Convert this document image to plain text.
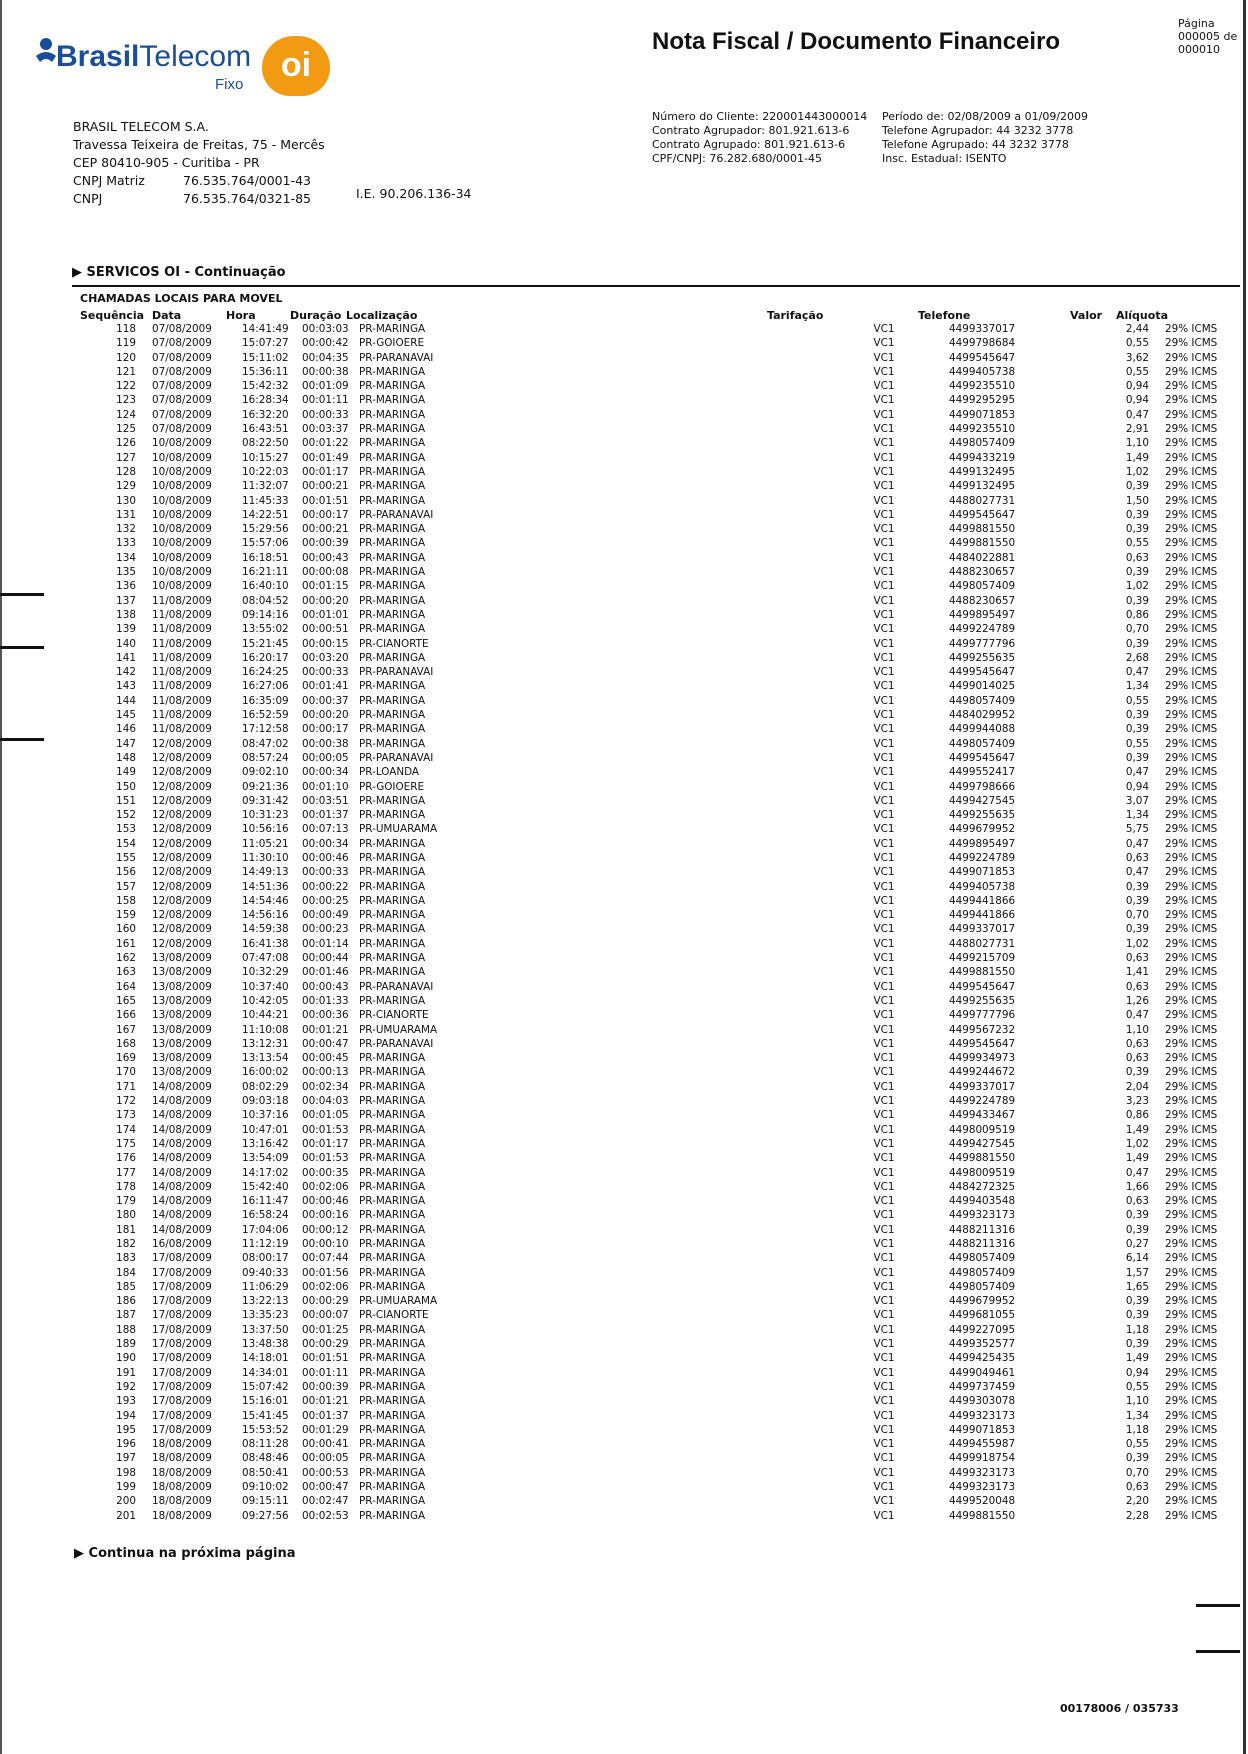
BrasilTelecom
Fixo
oi
BRASIL TELECOM S.A.
Travessa Teixeira de Freitas, 75 - Mercês
CEP 80410-905 - Curitiba - PR
CNPJ Matriz	76.535.764/0001-43
CNPJ	76.535.764/0321-85	I.E. 90.206.136-34
Nota Fiscal / Documento Financeiro
Página
000005 de 000010
Número do Cliente: 220001443000014
Contrato Agrupador: 801.921.613-6
Contrato Agrupado: 801.921.613-6
CPF/CNPJ: 76.282.680/0001-45
Período de: 02/08/2009 a 01/09/2009
Telefone Agrupador: 44 3232 3778
Telefone Agrupado: 44 3232 3778
Insc. Estadual: ISENTO
▶ SERVICOS OI - Continuação
CHAMADAS LOCAIS PARA MOVEL
Sequência Data	Hora	Duração Localização	Tarifação	Telefone	Valor Alíquota
118	07/08/2009	14:41:49	00:03:03	PR-MARINGA	VC1	4499337017	2,44	29% ICMS
119	07/08/2009	15:07:27	00:00:42	PR-GOIOERE	VC1	4499798684	0,55	29% ICMS
120	07/08/2009	15:11:02	00:04:35	PR-PARANAVAI	VC1	4499545647	3,62	29% ICMS
121	07/08/2009	15:36:11	00:00:38	PR-MARINGA	VC1	4499405738	0,55	29% ICMS
122	07/08/2009	15:42:32	00:01:09	PR-MARINGA	VC1	4499235510	0,94	29% ICMS
123	07/08/2009	16:28:34	00:01:11	PR-MARINGA	VC1	4499295295	0,94	29% ICMS
124	07/08/2009	16:32:20	00:00:33	PR-MARINGA	VC1	4499071853	0,47	29% ICMS
125	07/08/2009	16:43:51	00:03:37	PR-MARINGA	VC1	4499235510	2,91	29% ICMS
126	10/08/2009	08:22:50	00:01:22	PR-MARINGA	VC1	4498057409	1,10	29% ICMS
127	10/08/2009	10:15:27	00:01:49	PR-MARINGA	VC1	4499433219	1,49	29% ICMS
128	10/08/2009	10:22:03	00:01:17	PR-MARINGA	VC1	4499132495	1,02	29% ICMS
129	10/08/2009	11:32:07	00:00:21	PR-MARINGA	VC1	4499132495	0,39	29% ICMS
130	10/08/2009	11:45:33	00:01:51	PR-MARINGA	VC1	4488027731	1,50	29% ICMS
131	10/08/2009	14:22:51	00:00:17	PR-PARANAVAI	VC1	4499545647	0,39	29% ICMS
132	10/08/2009	15:29:56	00:00:21	PR-MARINGA	VC1	4499881550	0,39	29% ICMS
133	10/08/2009	15:57:06	00:00:39	PR-MARINGA	VC1	4499881550	0,55	29% ICMS
134	10/08/2009	16:18:51	00:00:43	PR-MARINGA	VC1	4484022881	0,63	29% ICMS
135	10/08/2009	16:21:11	00:00:08	PR-MARINGA	VC1	4488230657	0,39	29% ICMS
136	10/08/2009	16:40:10	00:01:15	PR-MARINGA	VC1	4498057409	1,02	29% ICMS
137	11/08/2009	08:04:52	00:00:20	PR-MARINGA	VC1	4488230657	0,39	29% ICMS
138	11/08/2009	09:14:16	00:01:01	PR-MARINGA	VC1	4499895497	0,86	29% ICMS
139	11/08/2009	13:55:02	00:00:51	PR-MARINGA	VC1	4499224789	0,70	29% ICMS
140	11/08/2009	15:21:45	00:00:15	PR-CIANORTE	VC1	4499777796	0,39	29% ICMS
141	11/08/2009	16:20:17	00:03:20	PR-MARINGA	VC1	4499255635	2,68	29% ICMS
142	11/08/2009	16:24:25	00:00:33	PR-PARANAVAI	VC1	4499545647	0,47	29% ICMS
143	11/08/2009	16:27:06	00:01:41	PR-MARINGA	VC1	4499014025	1,34	29% ICMS
144	11/08/2009	16:35:09	00:00:37	PR-MARINGA	VC1	4498057409	0,55	29% ICMS
145	11/08/2009	16:52:59	00:00:20	PR-MARINGA	VC1	4484029952	0,39	29% ICMS
146	11/08/2009	17:12:58	00:00:17	PR-MARINGA	VC1	4499944088	0,39	29% ICMS
147	12/08/2009	08:47:02	00:00:38	PR-MARINGA	VC1	4498057409	0,55	29% ICMS
148	12/08/2009	08:57:24	00:00:05	PR-PARANAVAI	VC1	4499545647	0,39	29% ICMS
149	12/08/2009	09:02:10	00:00:34	PR-LOANDA	VC1	4499552417	0,47	29% ICMS
150	12/08/2009	09:21:36	00:01:10	PR-GOIOERE	VC1	4499798666	0,94	29% ICMS
151	12/08/2009	09:31:42	00:03:51	PR-MARINGA	VC1	4499427545	3,07	29% ICMS
152	12/08/2009	10:31:23	00:01:37	PR-MARINGA	VC1	4499255635	1,34	29% ICMS
153	12/08/2009	10:56:16	00:07:13	PR-UMUARAMA	VC1	4499679952	5,75	29% ICMS
154	12/08/2009	11:05:21	00:00:34	PR-MARINGA	VC1	4499895497	0,47	29% ICMS
155	12/08/2009	11:30:10	00:00:46	PR-MARINGA	VC1	4499224789	0,63	29% ICMS
156	12/08/2009	14:49:13	00:00:33	PR-MARINGA	VC1	4499071853	0,47	29% ICMS
157	12/08/2009	14:51:36	00:00:22	PR-MARINGA	VC1	4499405738	0,39	29% ICMS
158	12/08/2009	14:54:46	00:00:25	PR-MARINGA	VC1	4499441866	0,39	29% ICMS
159	12/08/2009	14:56:16	00:00:49	PR-MARINGA	VC1	4499441866	0,70	29% ICMS
160	12/08/2009	14:59:38	00:00:23	PR-MARINGA	VC1	4499337017	0,39	29% ICMS
161	12/08/2009	16:41:38	00:01:14	PR-MARINGA	VC1	4488027731	1,02	29% ICMS
162	13/08/2009	07:47:08	00:00:44	PR-MARINGA	VC1	4499215709	0,63	29% ICMS
163	13/08/2009	10:32:29	00:01:46	PR-MARINGA	VC1	4499881550	1,41	29% ICMS
164	13/08/2009	10:37:40	00:00:43	PR-PARANAVAI	VC1	4499545647	0,63	29% ICMS
165	13/08/2009	10:42:05	00:01:33	PR-MARINGA	VC1	4499255635	1,26	29% ICMS
166	13/08/2009	10:44:21	00:00:36	PR-CIANORTE	VC1	4499777796	0,47	29% ICMS
167	13/08/2009	11:10:08	00:01:21	PR-UMUARAMA	VC1	4499567232	1,10	29% ICMS
168	13/08/2009	13:12:31	00:00:47	PR-PARANAVAI	VC1	4499545647	0,63	29% ICMS
169	13/08/2009	13:13:54	00:00:45	PR-MARINGA	VC1	4499934973	0,63	29% ICMS
170	13/08/2009	16:00:02	00:00:13	PR-MARINGA	VC1	4499244672	0,39	29% ICMS
171	14/08/2009	08:02:29	00:02:34	PR-MARINGA	VC1	4499337017	2,04	29% ICMS
172	14/08/2009	09:03:18	00:04:03	PR-MARINGA	VC1	4499224789	3,23	29% ICMS
173	14/08/2009	10:37:16	00:01:05	PR-MARINGA	VC1	4499433467	0,86	29% ICMS
174	14/08/2009	10:47:01	00:01:53	PR-MARINGA	VC1	4498009519	1,49	29% ICMS
175	14/08/2009	13:16:42	00:01:17	PR-MARINGA	VC1	4499427545	1,02	29% ICMS
176	14/08/2009	13:54:09	00:01:53	PR-MARINGA	VC1	4499881550	1,49	29% ICMS
177	14/08/2009	14:17:02	00:00:35	PR-MARINGA	VC1	4498009519	0,47	29% ICMS
178	14/08/2009	15:42:40	00:02:06	PR-MARINGA	VC1	4484272325	1,66	29% ICMS
179	14/08/2009	16:11:47	00:00:46	PR-MARINGA	VC1	4499403548	0,63	29% ICMS
180	14/08/2009	16:58:24	00:00:16	PR-MARINGA	VC1	4499323173	0,39	29% ICMS
181	14/08/2009	17:04:06	00:00:12	PR-MARINGA	VC1	4488211316	0,39	29% ICMS
182	16/08/2009	11:12:19	00:00:10	PR-MARINGA	VC1	4488211316	0,27	29% ICMS
183	17/08/2009	08:00:17	00:07:44	PR-MARINGA	VC1	4498057409	6,14	29% ICMS
184	17/08/2009	09:40:33	00:01:56	PR-MARINGA	VC1	4498057409	1,57	29% ICMS
185	17/08/2009	11:06:29	00:02:06	PR-MARINGA	VC1	4498057409	1,65	29% ICMS
186	17/08/2009	13:22:13	00:00:29	PR-UMUARAMA	VC1	4499679952	0,39	29% ICMS
187	17/08/2009	13:35:23	00:00:07	PR-CIANORTE	VC1	4499681055	0,39	29% ICMS
188	17/08/2009	13:37:50	00:01:25	PR-MARINGA	VC1	4499227095	1,18	29% ICMS
189	17/08/2009	13:48:38	00:00:29	PR-MARINGA	VC1	4499352577	0,39	29% ICMS
190	17/08/2009	14:18:01	00:01:51	PR-MARINGA	VC1	4499425435	1,49	29% ICMS
191	17/08/2009	14:34:01	00:01:11	PR-MARINGA	VC1	4499049461	0,94	29% ICMS
192	17/08/2009	15:07:42	00:00:39	PR-MARINGA	VC1	4499737459	0,55	29% ICMS
193	17/08/2009	15:16:01	00:01:21	PR-MARINGA	VC1	4499303078	1,10	29% ICMS
194	17/08/2009	15:41:45	00:01:37	PR-MARINGA	VC1	4499323173	1,34	29% ICMS
195	17/08/2009	15:53:52	00:01:29	PR-MARINGA	VC1	4499071853	1,18	29% ICMS
196	18/08/2009	08:11:28	00:00:41	PR-MARINGA	VC1	4499455987	0,55	29% ICMS
197	18/08/2009	08:48:46	00:00:05	PR-MARINGA	VC1	4499918754	0,39	29% ICMS
198	18/08/2009	08:50:41	00:00:53	PR-MARINGA	VC1	4499323173	0,70	29% ICMS
199	18/08/2009	09:10:02	00:00:47	PR-MARINGA	VC1	4499323173	0,63	29% ICMS
200	18/08/2009	09:15:11	00:02:47	PR-MARINGA	VC1	4499520048	2,20	29% ICMS
201	18/08/2009	09:27:56	00:02:53	PR-MARINGA	VC1	4499881550	2,28	29% ICMS
▶ Continua na próxima página
00178006 / 035733
